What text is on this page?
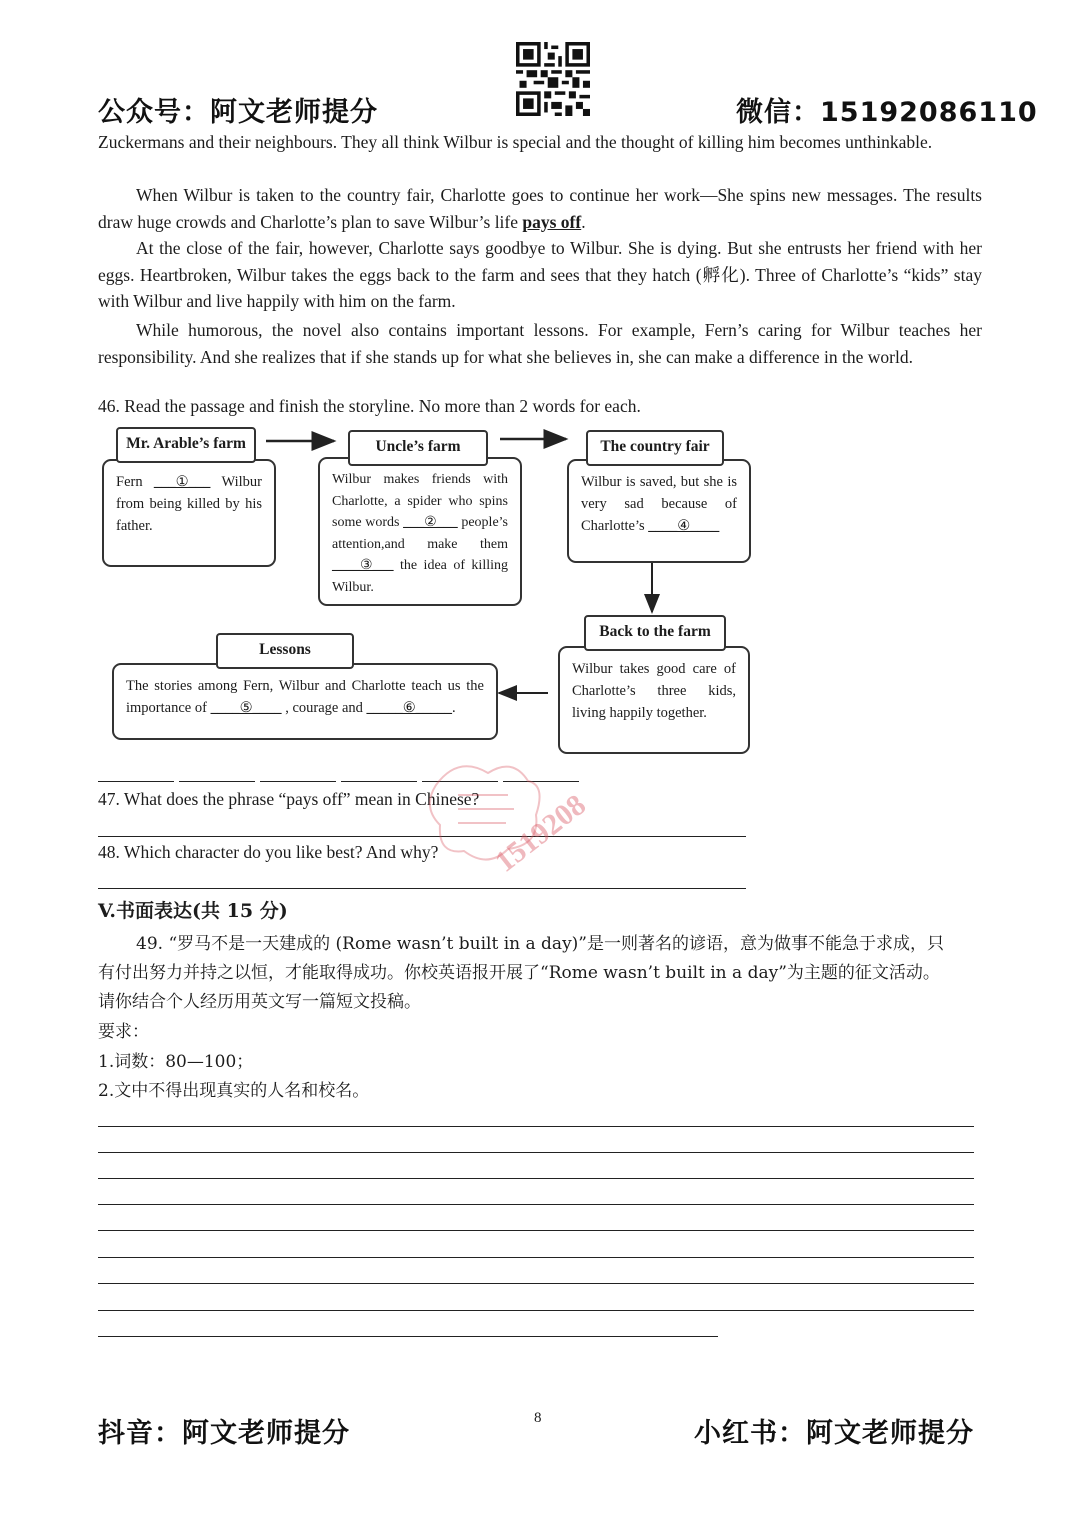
公众号：阿文老师提分	微信：15192086110

Zuckermans and their neighbours. They all think Wilbur is special and the thought of killing him becomes unthinkable.

When Wilbur is taken to the country fair, Charlotte goes to continue her work—She spins new messages. The results draw huge crowds and Charlotte’s plan to save Wilbur’s life pays off.

At the close of the fair, however, Charlotte says goodbye to Wilbur. She is dying. But she entrusts her friend with her eggs. Heartbroken, Wilbur takes the eggs back to the farm and sees that they hatch (孵化). Three of Charlotte’s “kids” stay with Wilbur and live happily with him on the farm.

While humorous, the novel also contains important lessons. For example, Fern’s caring for Wilbur teaches her responsibility. And she realizes that if she stands up for what she believes in, she can make a difference in the world.

46. Read the passage and finish the storyline. No more than 2 words for each.
Fern ___①___ Wilbur from being killed by his father.
Mr. Arable’s farm
Wilbur makes friends with Charlotte, a spider who spins some words ___②___ people’s attention,and make them ____③___ the idea of killing Wilbur.
Uncle’s farm
Wilbur is saved, but she is very sad because of Charlotte’s ____④____
The country fair
Wilbur takes good care of Charlotte’s three kids, living happily together.
Back to the farm
The stories among Fern, Wilbur and Charlotte teach us the importance of ____⑤____ , courage and _____⑥_____.
Lessons
47. What does the phrase “pays off” mean in Chinese?
48. Which character do you like best? And why? 1519208
V.书面表达(共 15 分)
49. “罗马不是一天建成的 (Rome wasn’t built in a day)”是一则著名的谚语，意为做事不能急于求成，只
有付出努力并持之以恒，才能取得成功。你校英语报开展了“Rome wasn’t built in a day”为主题的征文活动。
请你结合个人经历用英文写一篇短文投稿。
要求：
1.词数：80—100；
2.文中不得出现真实的人名和校名。
抖音：阿文老师提分	8	小红书：阿文老师提分
